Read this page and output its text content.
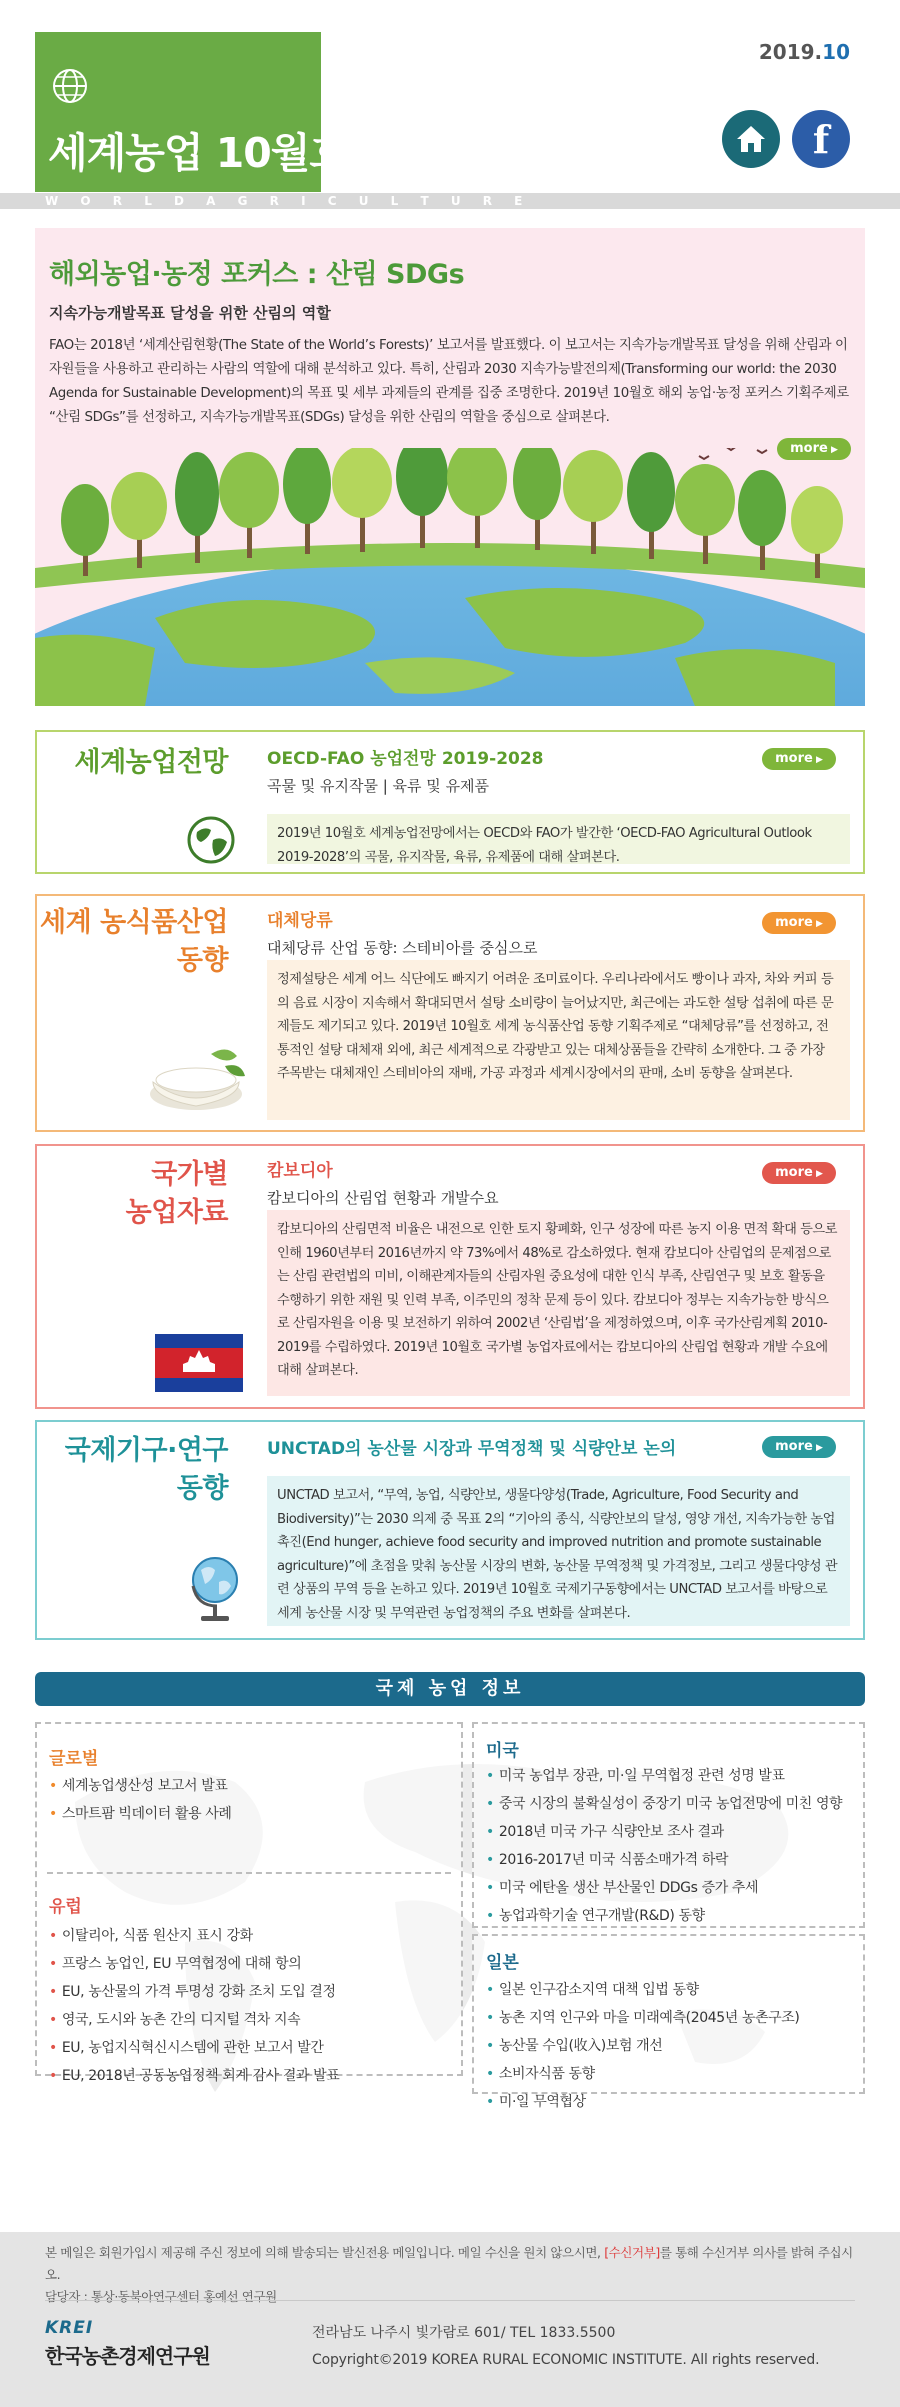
세계농업 10월호
W O R L D A G R I C U L T U R E
2019.10
f
해외농업·농정 포커스 : 산림 SDGs
지속가능개발목표 달성을 위한 산림의 역할
FAO는 2018년 ‘세계산림현황(The State of the World’s Forests)’ 보고서를 발표했다. 이 보고서는 지속가능개발목표 달성을 위해 산림과 이 자원들을 사용하고 관리하는 사람의 역할에 대해 분석하고 있다. 특히, 산림과 2030 지속가능발전의제(Transforming our world: the 2030 Agenda for Sustainable Development)의 목표 및 세부 과제들의 관계를 집중 조명한다. 2019년 10월호 해외 농업·농정 포커스 기획주제로 “산림 SDGs”를 선정하고, 지속가능개발목표(SDGs) 달성을 위한 산림의 역할을 중심으로 살펴본다.
more ▶
세계농업전망 OECD-FAO 농업전망 2019-2028
곡물 및 유지작물 | 육류 및 유제품
more ▶
2019년 10월호 세계농업전망에서는 OECD와 FAO가 발간한 ‘OECD-FAO Agricultural Outlook 2019-2028’의 곡물, 유지작물, 육류, 유제품에 대해 살펴본다.
세계 농식품산업
동향
대체당류
대체당류 산업 동향: 스테비아를 중심으로
more ▶
정제설탕은 세계 어느 식단에도 빠지기 어려운 조미료이다. 우리나라에서도 빵이나 과자, 차와 커피 등의 음료 시장이 지속해서 확대되면서 설탕 소비량이 늘어났지만, 최근에는 과도한 설탕 섭취에 따른 문제들도 제기되고 있다. 2019년 10월호 세계 농식품산업 동향 기획주제로 “대체당류”를 선정하고, 전통적인 설탕 대체재 외에, 최근 세계적으로 각광받고 있는 대체상품들을 간략히 소개한다. 그 중 가장 주목받는 대체재인 스테비아의 재배, 가공 과정과 세계시장에서의 판매, 소비 동향을 살펴본다.
국가별
농업자료
캄보디아
캄보디아의 산림업 현황과 개발수요
more ▶
캄보디아의 산림면적 비율은 내전으로 인한 토지 황폐화, 인구 성장에 따른 농지 이용 면적 확대 등으로 인해 1960년부터 2016년까지 약 73%에서 48%로 감소하였다. 현재 캄보디아 산림업의 문제점으로는 산림 관련법의 미비, 이해관계자들의 산림자원 중요성에 대한 인식 부족, 산림연구 및 보호 활동을 수행하기 위한 재원 및 인력 부족, 이주민의 정착 문제 등이 있다. 캄보디아 정부는 지속가능한 방식으로 산림자원을 이용 및 보전하기 위하여 2002년 ‘산림법’을 제정하였으며, 이후 국가산림계획 2010-2019를 수립하였다. 2019년 10월호 국가별 농업자료에서는 캄보디아의 산림업 현황과 개발 수요에 대해 살펴본다.
국제기구·연구
동향
UNCTAD의 농산물 시장과 무역정책 및 식량안보 논의	more ▶
UNCTAD 보고서, “무역, 농업, 식량안보, 생물다양성(Trade, Agriculture, Food Security and Biodiversity)”는 2030 의제 중 목표 2의 “기아의 종식, 식량안보의 달성, 영양 개선, 지속가능한 농업 촉진(End hunger, achieve food security and improved nutrition and promote sustainable agriculture)”에 초점을 맞춰 농산물 시장의 변화, 농산물 무역정책 및 가격정보, 그리고 생물다양성 관련 상품의 무역 등을 논하고 있다. 2019년 10월호 국제기구동향에서는 UNCTAD 보고서를 바탕으로 세계 농산물 시장 및 무역관련 농업정책의 주요 변화를 살펴본다.
국제 농업 정보
글로벌
• 세계농업생산성 보고서 발표
• 스마트팜 빅데이터 활용 사례
유럽
• 이탈리아, 식품 원산지 표시 강화
• 프랑스 농업인, EU 무역협정에 대해 항의
• EU, 농산물의 가격 투명성 강화 조치 도입 결정
• 영국, 도시와 농촌 간의 디지털 격차 지속
• EU, 농업지식혁신시스템에 관한 보고서 발간
• EU, 2018년 공동농업정책 회계 감사 결과 발표
미국
• 미국 농업부 장관, 미·일 무역협정 관련 성명 발표
• 중국 시장의 불확실성이 중장기 미국 농업전망에 미친 영향
• 2018년 미국 가구 식량안보 조사 결과
• 2016-2017년 미국 식품소매가격 하락
• 미국 에탄올 생산 부산물인 DDGs 증가 추세
• 농업과학기술 연구개발(R&D) 동향
일본
• 일본 인구감소지역 대책 입법 동향
• 농촌 지역 인구와 마을 미래예측(2045년 농촌구조)
• 농산물 수입(收入)보험 개선
• 소비자식품 동향
• 미·일 무역협상
본 메일은 회원가입시 제공해 주신 정보에 의해 발송되는 발신전용 메일입니다. 메일 수신을 원치 않으시면, [수신거부]를 통해 수신거부 의사를 밝혀 주십시오.
담당자 : 통상·동북아연구센터 홍예선 연구원
KREI
한국농촌경제연구원
전라남도 나주시 빛가람로 601/ TEL 1833.5500
Copyright©2019 KOREA RURAL ECONOMIC INSTITUTE. All rights reserved.
